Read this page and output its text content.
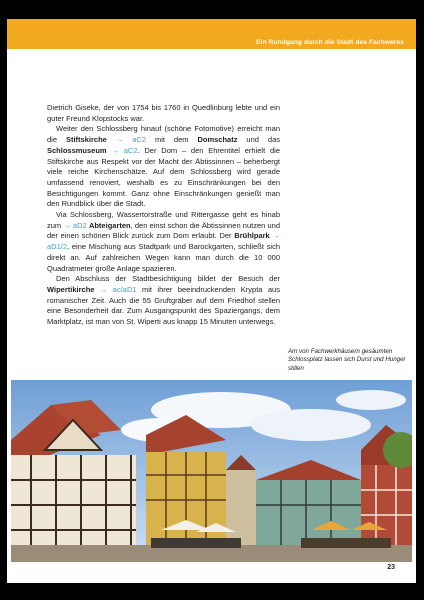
Ein Rundgang durch die Stadt des Fachwerks

Dietrich Giseke, der von 1754 bis 1760 in Quedlinburg lebte und ein guter Freund Klopstocks war.

Weiter den Schlossberg hinauf (schöne Fotomotive) erreicht man die Stiftskirche → aC2 mit dem Domschatz und das Schlossmuseum → aC2. Der Dom – den Ehrentitel erhielt die Stiftskirche aus Respekt vor der Macht der Äbtissinnen – beherbergt viele reiche Kirchenschätze. Auf dem Schlossberg wird gerade umfassend renoviert, weshalb es zu Einschränkungen bei den Besichtigungen kommt. Ganz ohne Einschränkungen genießt man den Rundblick über die Stadt.

Via Schlossberg, Wassertorstraße und Rittergasse geht es hinab zum → aD2 Abteigarten, den einst schon die Äbtissinnen nutzen und der einen schönen Blick zurück zum Dom erlaubt. Der Brühlpark → aD1/2, eine Mischung aus Stadtpark und Barockgarten, schließt sich direkt an. Auf zahlreichen Wegen kann man durch die 10 000 Quadratmeter große Anlage spazieren.

Den Abschluss der Stadtbesichtigung bildet der Besuch der Wipertikirche → ac/aD1 mit ihrer beeindruckenden Krypta aus romanischer Zeit. Auch die 55 Gruftgräber auf dem Friedhof stellen eine Besonderheit dar. Zum Ausgangspunkt des Spaziergangs, dem Marktplatz, ist man von St. Wiperti aus knapp 15 Minuten unterwegs.

Am von Fachwerkhäusern gesäumten Schlossplatz lassen sich Durst und Hunger stillen
23
